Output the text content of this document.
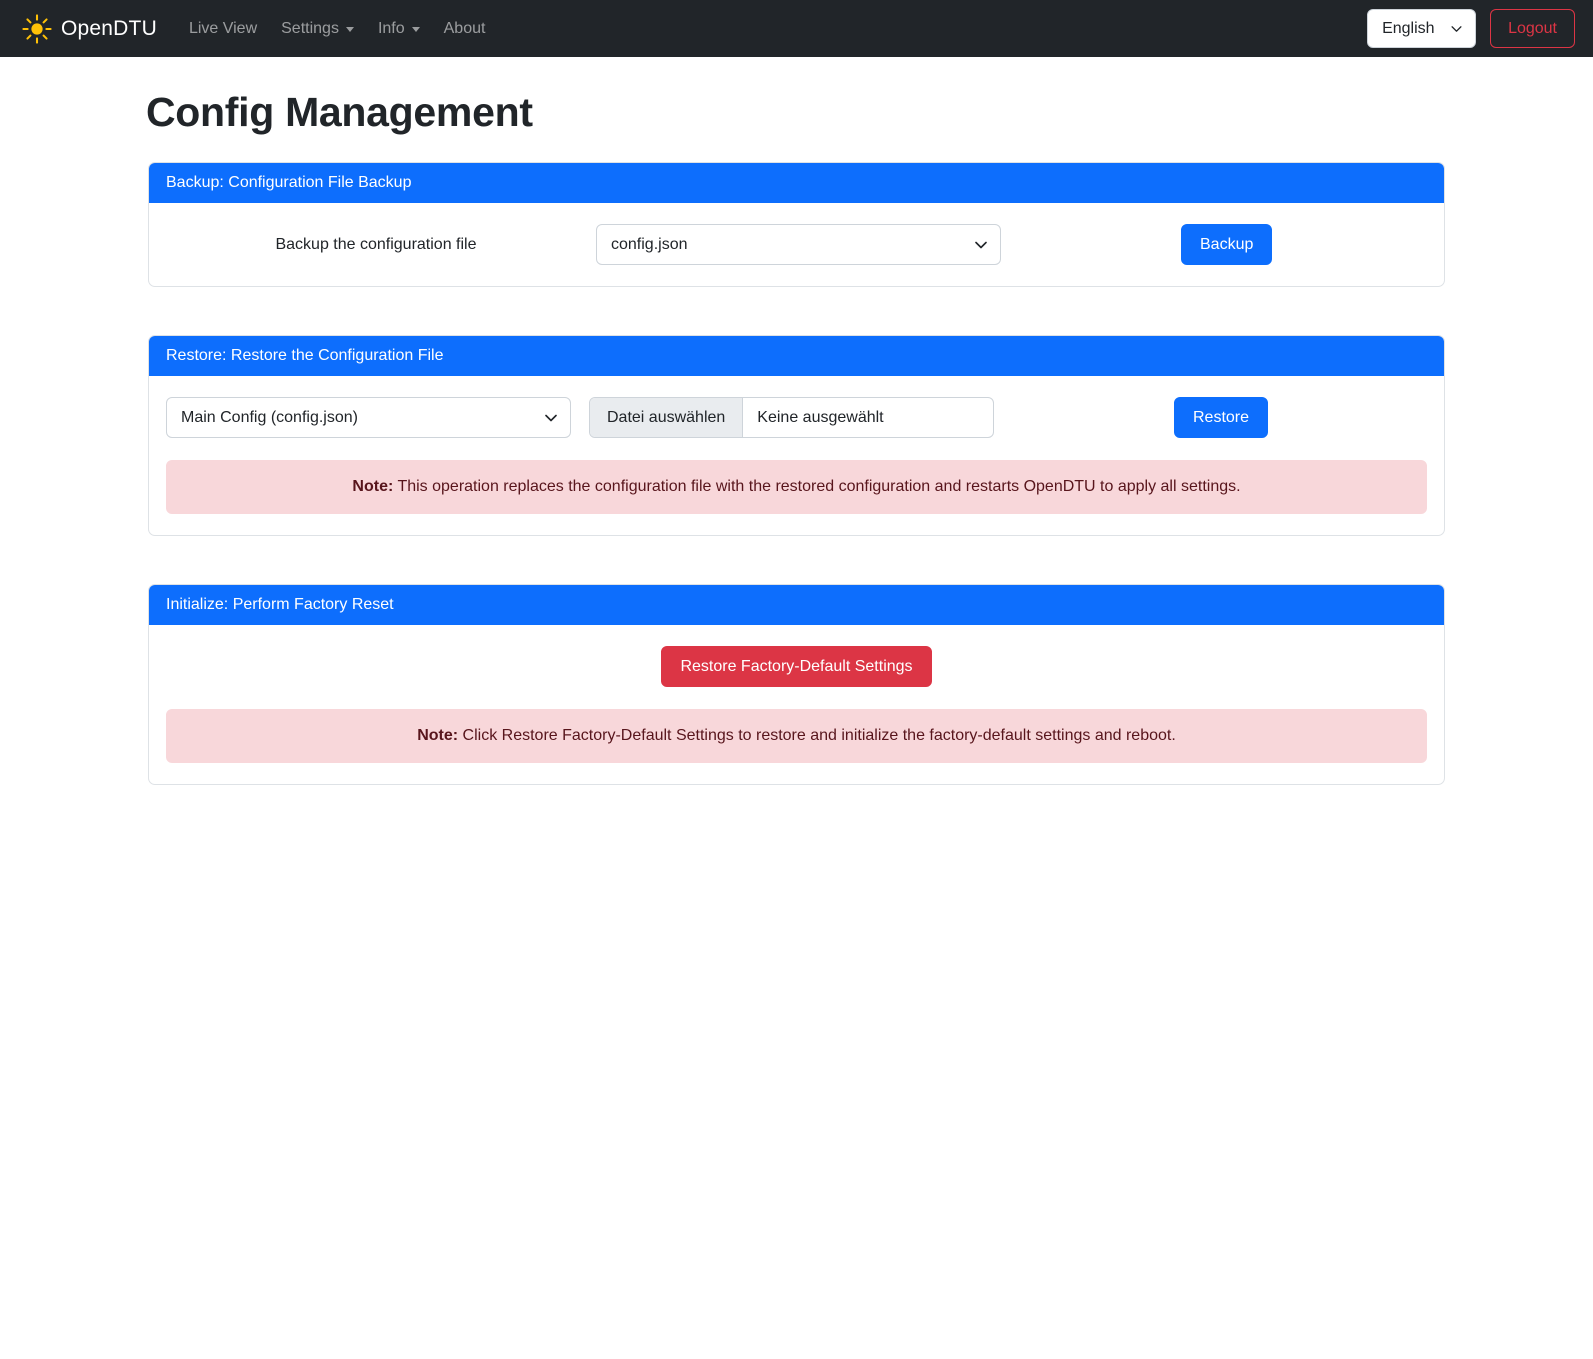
OpenDTU Live View Settings Info About
English	Logout
Config Management
Backup: Configuration File Backup
Backup the configuration file
config.json	Backup
Restore: Restore the Configuration File
Main Config (config.json)
Datei auswählen	Keine ausgewählt	Restore
Note: This operation replaces the configuration file with the restored configuration and restarts OpenDTU to apply all settings.
Initialize: Perform Factory Reset
Restore Factory-Default Settings
Note: Click Restore Factory-Default Settings to restore and initialize the factory-default settings and reboot.
